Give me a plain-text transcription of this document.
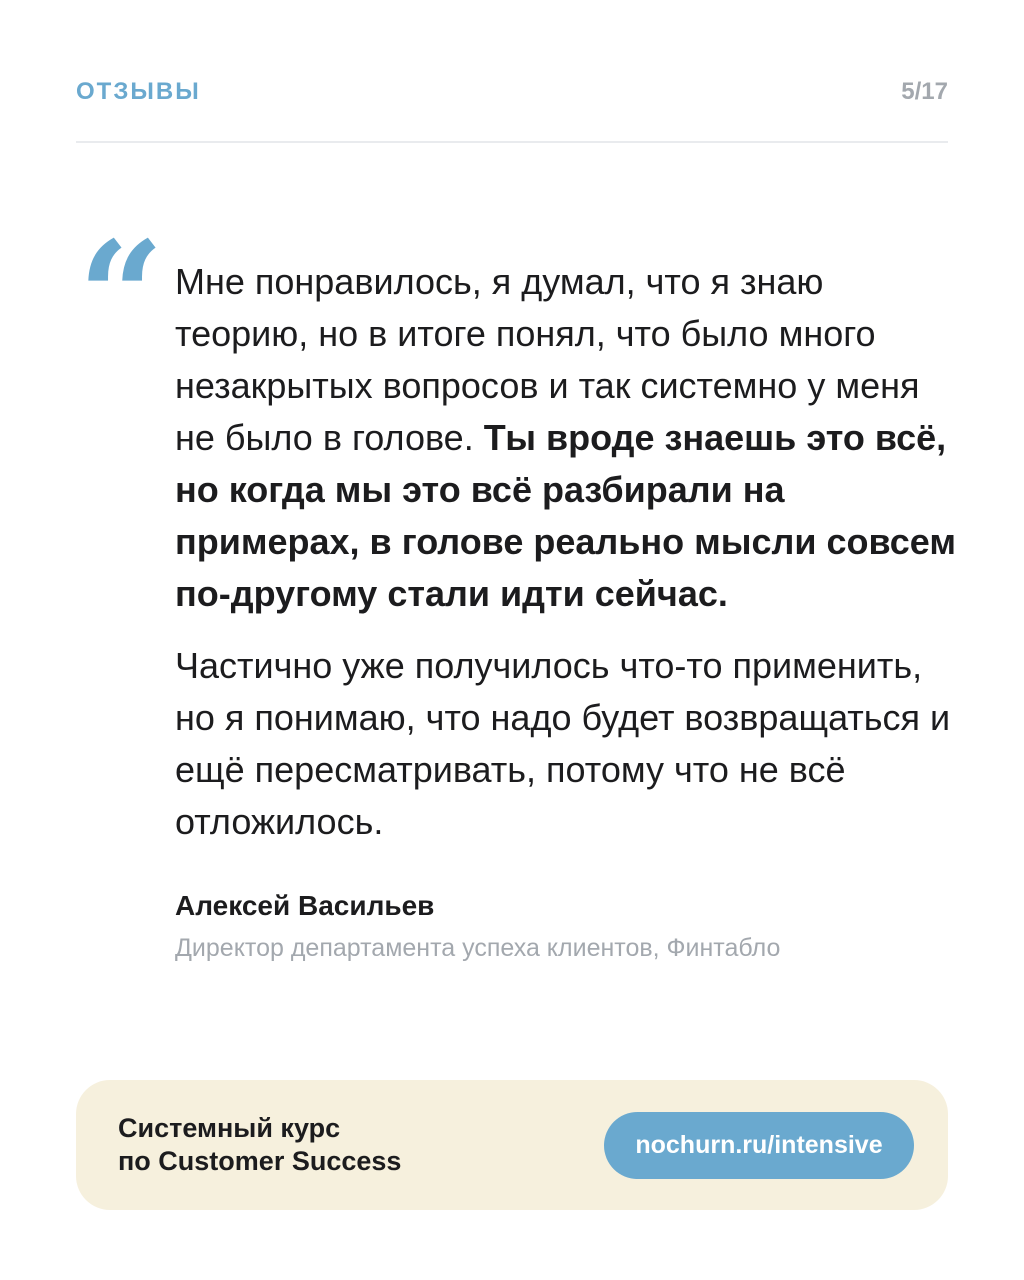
ОТЗЫВЫ	5/17
“ Мне понравилось, я думал, что я знаю теорию, но в итоге понял, что было много незакрытых вопросов и так системно у меня не было в голове. Ты вроде знаешь это всё, но когда мы это всё разбирали на примерах, в голове реально мысли совсем по-другому стали идти сейчас.

Частично уже получилось что-то применить, но я понимаю, что надо будет возвращаться и ещё пересматривать, потому что не всё отложилось.

Алексей Васильев
Директор департамента успеха клиентов, Финтабло
Системный курс
по Customer Success
nochurn.ru/intensive
